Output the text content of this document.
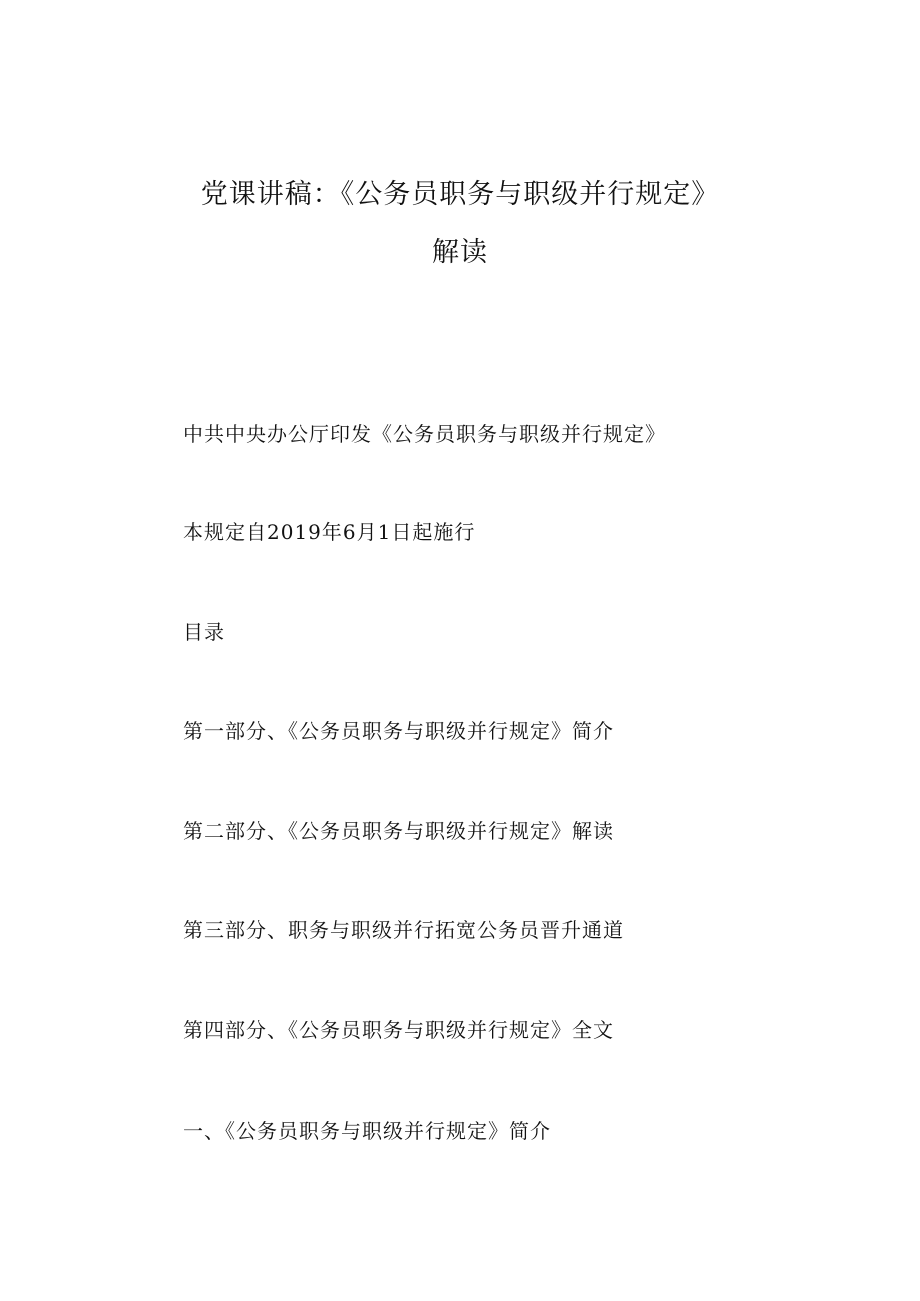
党课讲稿：《公务员职务与职级并行规定》
解读
中共中央办公厅印发《公务员职务与职级并行规定》
本规定自2019年6月1日起施行
目录
第一部分、《公务员职务与职级并行规定》简介
第二部分、《公务员职务与职级并行规定》解读
第三部分、职务与职级并行拓宽公务员晋升通道
第四部分、《公务员职务与职级并行规定》全文
一、《公务员职务与职级并行规定》简介
